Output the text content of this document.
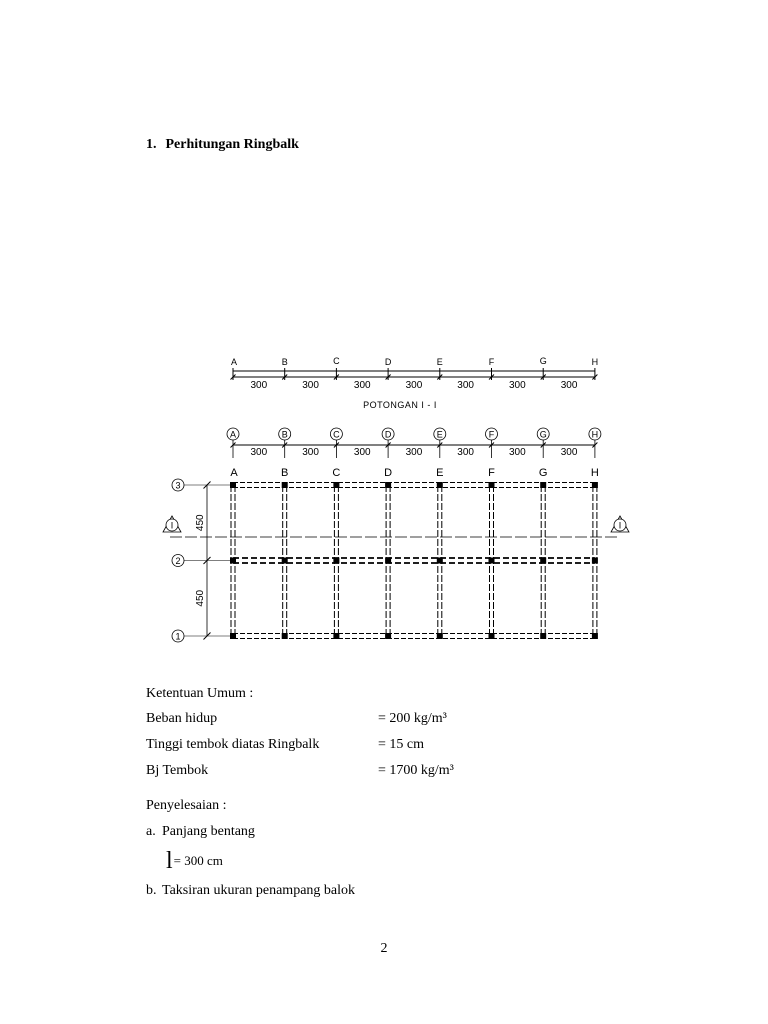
1. Perhitungan Ringbalk
A	B	C	D	E	F	G	H
300	300	300	300	300	300	300
POTONGAN I - I
A	B	C	D	E	F	G	H
300	300	300	300	300	300	300
A	B	C	D	E	F	G	H
3
2
1
450
450
I	I
Ketentuan Umum :
Beban hidup	= 200 kg/m³
Tinggi tembok diatas Ringbalk	= 15 cm
Bj Tembok	= 1700 kg/m³
Penyelesaian :
a. Panjang bentang
l= 300 cm
b. Taksiran ukuran penampang balok
2
